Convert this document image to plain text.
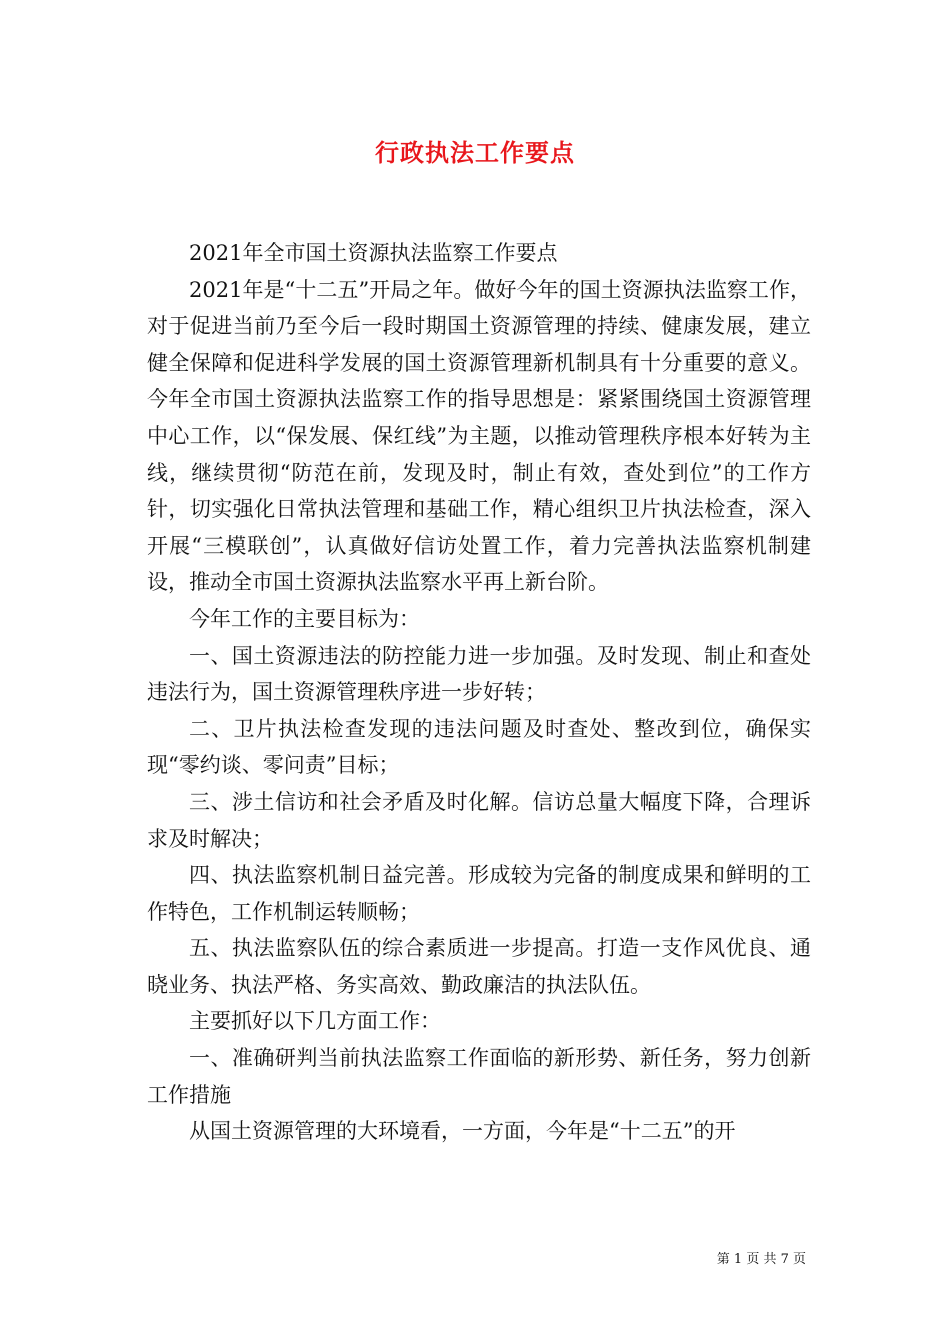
行政执法工作要点

2021年全市国土资源执法监察工作要点

2021年是“十二五”开局之年。做好今年的国土资源执法监察工作，对于促进当前乃至今后一段时期国土资源管理的持续、健康发展，建立健全保障和促进科学发展的国土资源管理新机制具有十分重要的意义。今年全市国土资源执法监察工作的指导思想是：紧紧围绕国土资源管理中心工作，以“保发展、保红线”为主题，以推动管理秩序根本好转为主线，继续贯彻“防范在前，发现及时，制止有效，查处到位”的工作方针，切实强化日常执法管理和基础工作，精心组织卫片执法检查，深入开展“三模联创”，认真做好信访处置工作，着力完善执法监察机制建设，推动全市国土资源执法监察水平再上新台阶。

今年工作的主要目标为：

一、国土资源违法的防控能力进一步加强。及时发现、制止和查处违法行为，国土资源管理秩序进一步好转；

二、卫片执法检查发现的违法问题及时查处、整改到位，确保实现“零约谈、零问责”目标；

三、涉土信访和社会矛盾及时化解。信访总量大幅度下降，合理诉求及时解决；

四、执法监察机制日益完善。形成较为完备的制度成果和鲜明的工作特色，工作机制运转顺畅；

五、执法监察队伍的综合素质进一步提高。打造一支作风优良、通晓业务、执法严格、务实高效、勤政廉洁的执法队伍。

主要抓好以下几方面工作：

一、准确研判当前执法监察工作面临的新形势、新任务，努力创新工作措施

从国土资源管理的大环境看，一方面，今年是“十二五”的开

第 1 页 共 7 页
